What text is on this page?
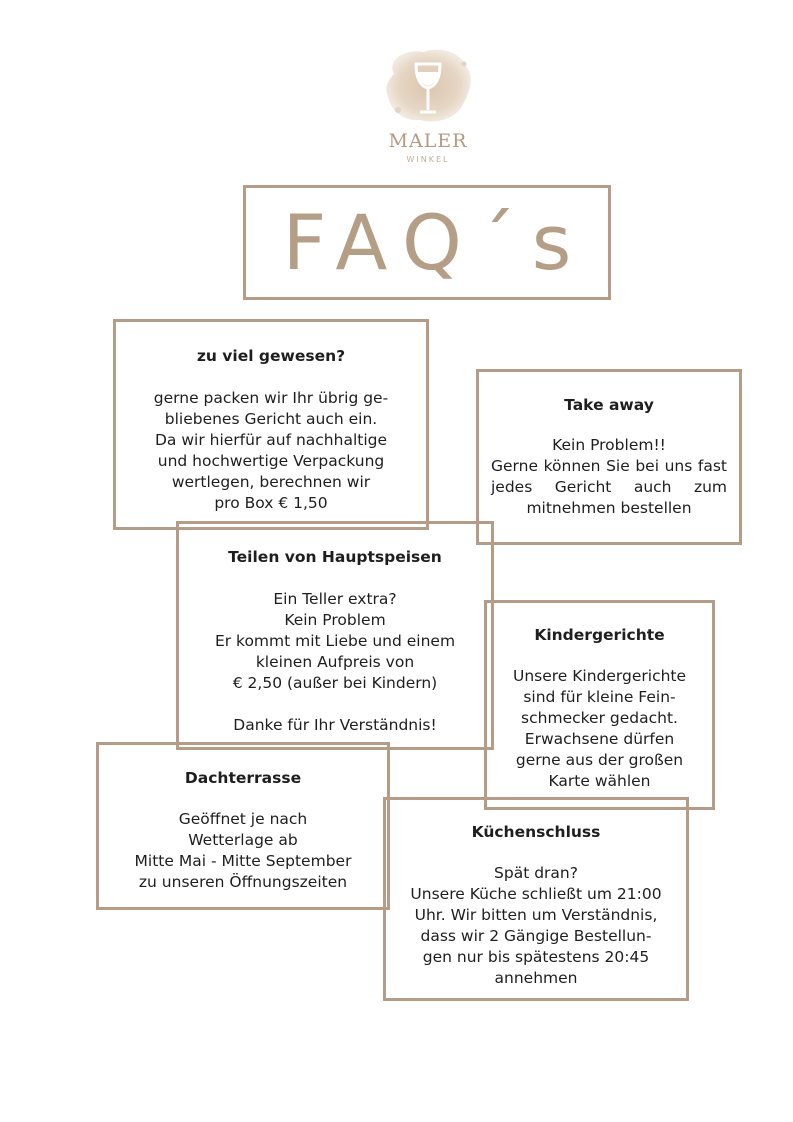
MALER
WINKEL
FAQ´s
zu viel gewesen?
gerne packen wir Ihr übrig ge-
bliebenes Gericht auch ein.
Da wir hierfür auf nachhaltige
und hochwertige Verpackung
wertlegen, berechnen wir
pro Box € 1,50
Take away
Kein Problem!!
Gerne können Sie bei uns fast jedes Gericht auch zum mitnehmen bestellen
Teilen von Hauptspeisen
Ein Teller extra?
Kein Problem
Er kommt mit Liebe und einem
kleinen Aufpreis von
€ 2,50 (außer bei Kindern)
Danke für Ihr Verständnis!
Kindergerichte
Unsere Kindergerichte
sind für kleine Fein-
schmecker gedacht.
Erwachsene dürfen
gerne aus der großen
Karte wählen
Dachterrasse
Geöffnet je nach
Wetterlage ab
Mitte Mai - Mitte September
zu unseren Öffnungszeiten
Küchenschluss
Spät dran?
Unsere Küche schließt um 21:00
Uhr. Wir bitten um Verständnis,
dass wir 2 Gängige Bestellun-
gen nur bis spätestens 20:45
annehmen
